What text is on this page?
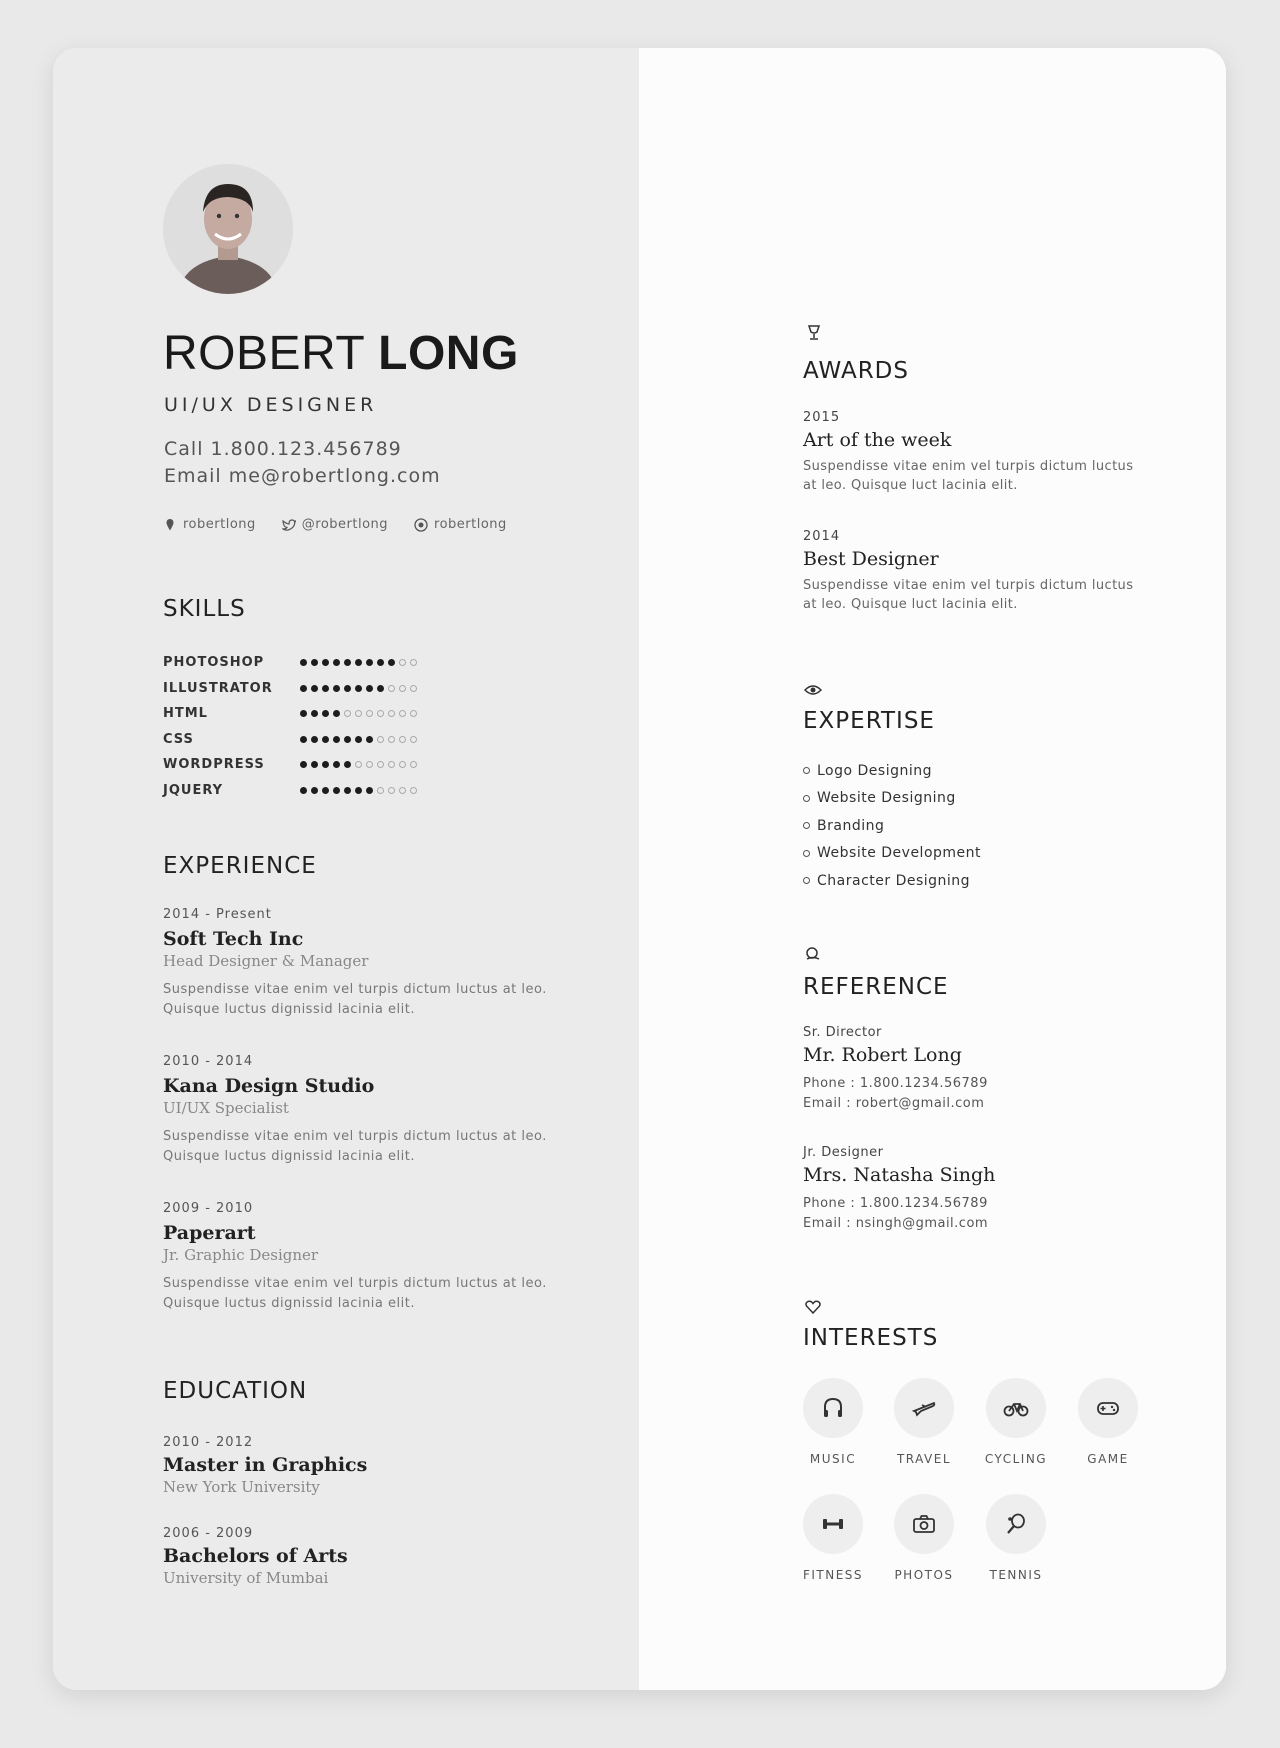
ROBERT LONG
UI/UX DESIGNER
Call 1.800.123.456789
Email me@robertlong.com
robertlong	@robertlong	robertlong
SKILLS
PHOTOSHOP
ILLUSTRATOR
HTML
CSS
WORDPRESS
JQUERY
EXPERIENCE
2014 - Present
Soft Tech Inc
Head Designer & Manager
Suspendisse vitae enim vel turpis dictum luctus at leo. Quisque luctus dignissid lacinia elit.
2010 - 2014
Kana Design Studio
UI/UX Specialist
Suspendisse vitae enim vel turpis dictum luctus at leo. Quisque luctus dignissid lacinia elit.
2009 - 2010
Paperart
Jr. Graphic Designer
Suspendisse vitae enim vel turpis dictum luctus at leo. Quisque luctus dignissid lacinia elit.
EDUCATION
2010 - 2012
Master in Graphics
New York University
2006 - 2009
Bachelors of Arts
University of Mumbai
AWARDS
2015
Art of the week
Suspendisse vitae enim vel turpis dictum luctus at leo. Quisque luct lacinia elit.
2014
Best Designer
Suspendisse vitae enim vel turpis dictum luctus at leo. Quisque luct lacinia elit.
EXPERTISE
Logo Designing
Website Designing
Branding
Website Development
Character Designing
REFERENCE
Sr. Director
Mr. Robert Long
Phone : 1.800.1234.56789
Email : robert@gmail.com
Jr. Designer
Mrs. Natasha Singh
Phone : 1.800.1234.56789
Email : nsingh@gmail.com
INTERESTS
MUSIC	TRAVEL	CYCLING	GAME
FITNESS	PHOTOS	TENNIS
